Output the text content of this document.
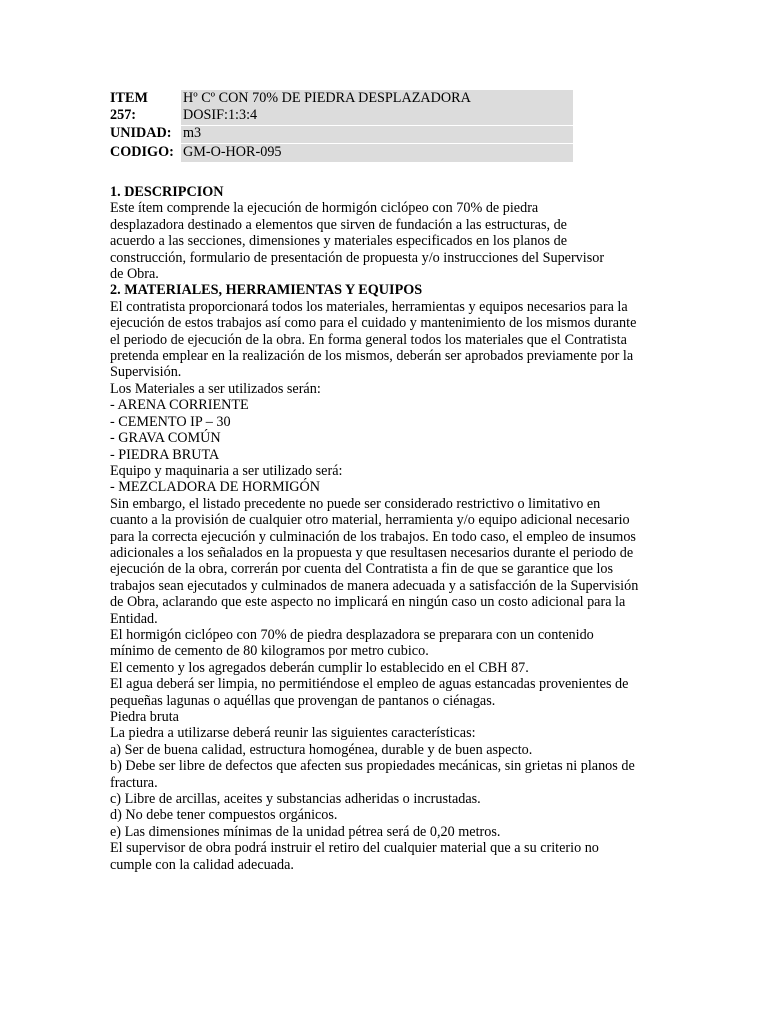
ITEM Hº Cº CON 70% DE PIEDRA DESPLAZADORA
257:	DOSIF:1:3:4
UNIDAD: m3
CODIGO: GM-O-HOR-095
1. DESCRIPCION

Este ítem comprende la ejecución de hormigón ciclópeo con 70% de piedra

desplazadora destinado a elementos que sirven de fundación a las estructuras, de

acuerdo a las secciones, dimensiones y materiales especificados en los planos de

construcción, formulario de presentación de propuesta y/o instrucciones del Supervisor

de Obra.

2. MATERIALES, HERRAMIENTAS Y EQUIPOS

El contratista proporcionará todos los materiales, herramientas y equipos necesarios para la

ejecución de estos trabajos así como para el cuidado y mantenimiento de los mismos durante

el periodo de ejecución de la obra. En forma general todos los materiales que el Contratista

pretenda emplear en la realización de los mismos, deberán ser aprobados previamente por la

Supervisión.

Los Materiales a ser utilizados serán:

- ARENA CORRIENTE

- CEMENTO IP – 30

- GRAVA COMÚN

- PIEDRA BRUTA

Equipo y maquinaria a ser utilizado será:

- MEZCLADORA DE HORMIGÓN

Sin embargo, el listado precedente no puede ser considerado restrictivo o limitativo en

cuanto a la provisión de cualquier otro material, herramienta y/o equipo adicional necesario

para la correcta ejecución y culminación de los trabajos. En todo caso, el empleo de insumos

adicionales a los señalados en la propuesta y que resultasen necesarios durante el periodo de

ejecución de la obra, correrán por cuenta del Contratista a fin de que se garantice que los

trabajos sean ejecutados y culminados de manera adecuada y a satisfacción de la Supervisión

de Obra, aclarando que este aspecto no implicará en ningún caso un costo adicional para la

Entidad.

El hormigón ciclópeo con 70% de piedra desplazadora se preparara con un contenido

mínimo de cemento de 80 kilogramos por metro cubico.

El cemento y los agregados deberán cumplir lo establecido en el CBH 87.

El agua deberá ser limpia, no permitiéndose el empleo de aguas estancadas provenientes de

pequeñas lagunas o aquéllas que provengan de pantanos o ciénagas.

Piedra bruta

La piedra a utilizarse deberá reunir las siguientes características:

a) Ser de buena calidad, estructura homogénea, durable y de buen aspecto.

b) Debe ser libre de defectos que afecten sus propiedades mecánicas, sin grietas ni planos de

fractura.

c) Libre de arcillas, aceites y substancias adheridas o incrustadas.

d) No debe tener compuestos orgánicos.

e) Las dimensiones mínimas de la unidad pétrea será de 0,20 metros.

El supervisor de obra podrá instruir el retiro del cualquier material que a su criterio no

cumple con la calidad adecuada.
